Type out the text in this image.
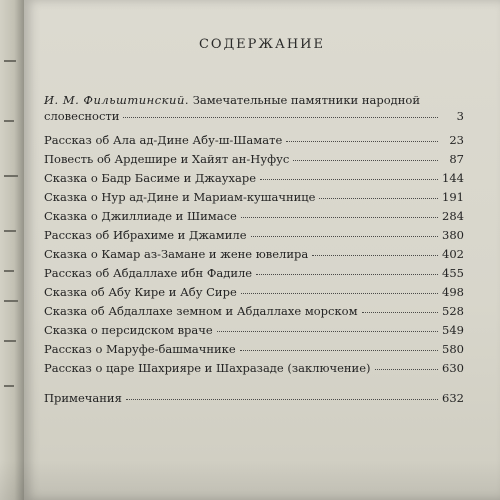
СОДЕРЖАНИЕ
И. М. Фильштинский. Замечательные памятники народной
словесности	3
Рассказ об Ала ад-Дине Абу-ш-Шамате	23
Повесть об Ардешире и Хайят ан-Нуфус	87
Сказка о Бадр Басиме и Джаухаре	144
Сказка о Нур ад-Дине и Мариам-кушачнице	191
Сказка о Джиллиаде и Шимасе	284
Рассказ об Ибрахиме и Джамиле	380
Сказка о Камар аз-Замане и жене ювелира	402
Рассказ об Абдаллахе ибн Фадиле	455
Сказка об Абу Кире и Абу Сире	498
Сказка об Абдаллахе земном и Абдаллахе морском	528
Сказка о персидском враче	549
Рассказ о Маруфе-башмачнике	580
Рассказ о царе Шахрияре и Шахразаде (заключение)	630
Примечания	632
